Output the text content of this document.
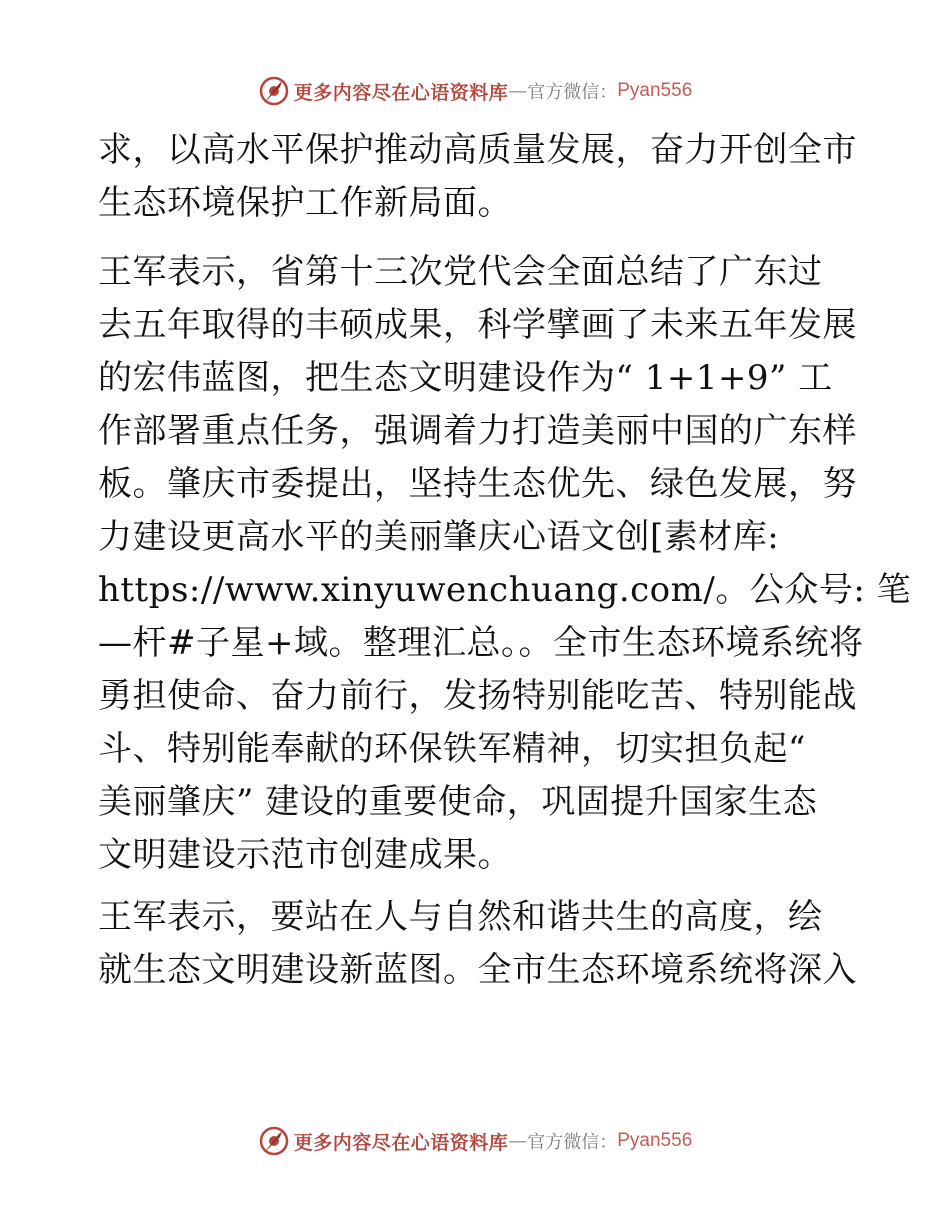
更多内容尽在心语资料库 — 官方微信： Pyan556
求，以高水平保护推动高质量发展，奋力开创全市
生态环境保护工作新局面。
王军表示，省第十三次党代会全面总结了广东过
去五年取得的丰硕成果，科学擘画了未来五年发展
的宏伟蓝图，把生态文明建设作为“ 1+1+9” 工
作部署重点任务，强调着力打造美丽中国的广东样
板。肇庆市委提出，坚持生态优先、绿色发展，努
力建设更高水平的美丽肇庆心语文创[素材库:
https://www.xinyuwenchuang.com/。公众号: 笔
—杆#子星+域。整理汇总。。全市生态环境系统将
勇担使命、奋力前行，发扬特别能吃苦、特别能战
斗、特别能奉献的环保铁军精神，切实担负起“
美丽肇庆” 建设的重要使命，巩固提升国家生态
文明建设示范市创建成果。
王军表示，要站在人与自然和谐共生的高度，绘
就生态文明建设新蓝图。全市生态环境系统将深入
更多内容尽在心语资料库 — 官方微信： Pyan556
